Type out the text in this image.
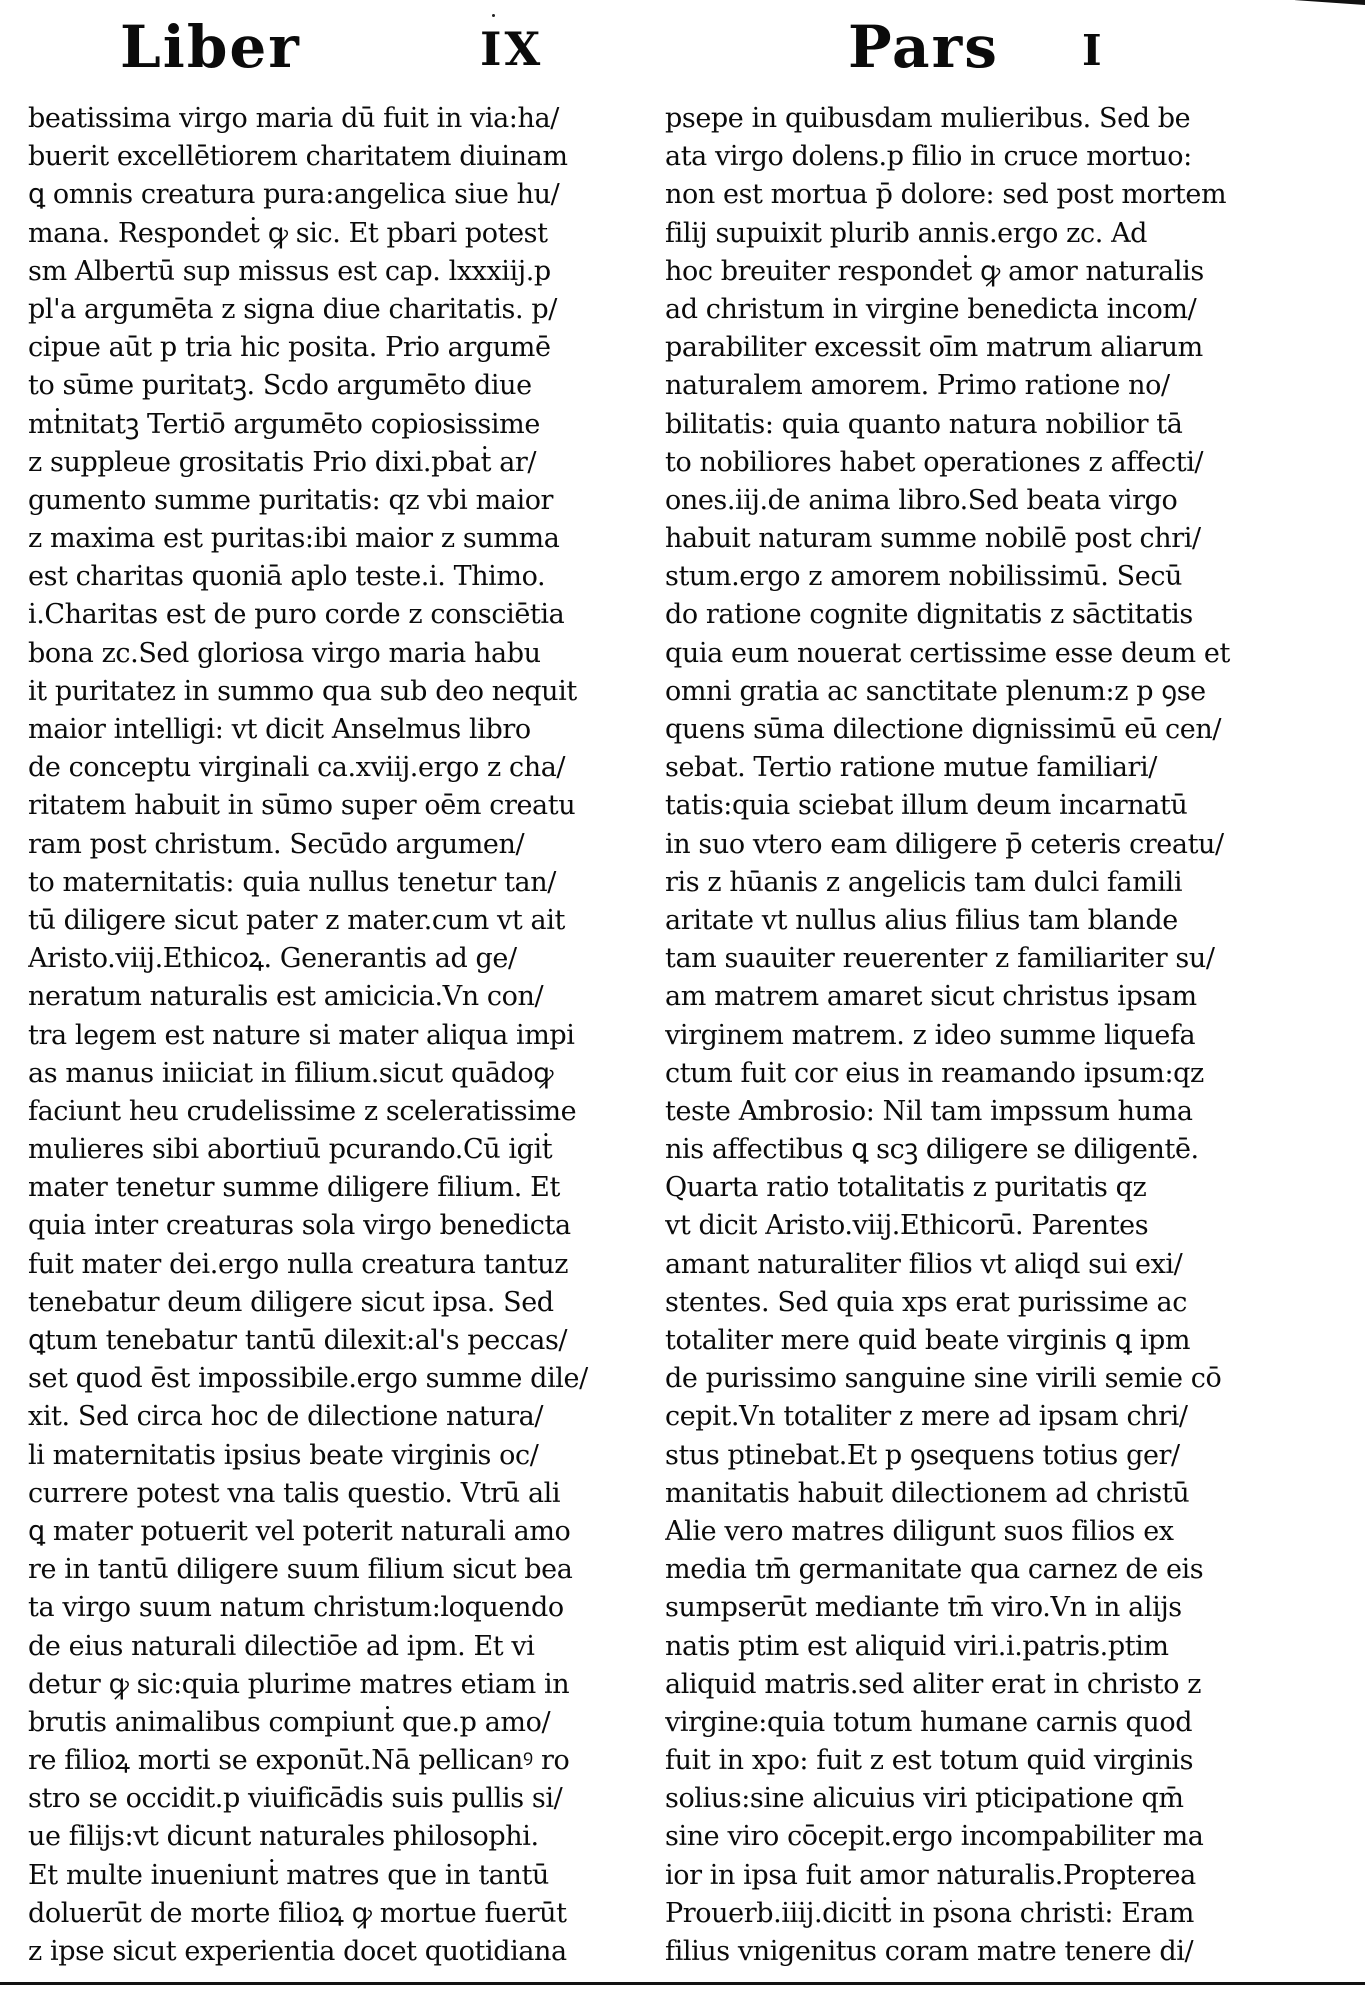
Liber	IX	Pars I
beatissima virgo maria dū fuit in via:ha/
buerit excellētiorem charitatem diuinam
ꝗ omnis creatura pura:angelica siue hu/
mana. Respondeṫ ꝙ sic. Et pbari potest
sm Albertū sup missus est cap. lxxxiij.p
pl'a argumēta z signa diue charitatis. p/
cipue aūt p tria hic posita. Prio argumē
to sūme puritatꝫ. Scdo argumēto diue
mṫnitatꝫ Tertiō argumēto copiosissime
z suppleue grositatis Prio dixi.pbaṫ ar/
gumento summe puritatis: qz vbi maior
z maxima est puritas:ibi maior z summa
est charitas quoniā aplo teste.i. Thimo.
i.Charitas est de puro corde z consciētia
bona zc.Sed gloriosa virgo maria habu
it puritatez in summo qua sub deo nequit
maior intelligi: vt dicit Anselmus libro
de conceptu virginali ca.xviij.ergo z cha/
ritatem habuit in sūmo super oēm creatu
ram post christum. Secūdo argumen/
to maternitatis: quia nullus tenetur tan/
tū diligere sicut pater z mater.cum vt ait
Aristo.viij.Ethicoꝝ. Generantis ad ge/
neratum naturalis est amicicia.Vn con/
tra legem est nature si mater aliqua impi
as manus iniiciat in filium.sicut quādoꝙ
faciunt heu crudelissime z sceleratissime
mulieres sibi abortiuū pcurando.Cū igiṫ
mater tenetur summe diligere filium. Et
quia inter creaturas sola virgo benedicta
fuit mater dei.ergo nulla creatura tantuz
tenebatur deum diligere sicut ipsa. Sed
ꝗtum tenebatur tantū dilexit:al's peccas/
set quod ēst impossibile.ergo summe dile/
xit. Sed circa hoc de dilectione natura/
li maternitatis ipsius beate virginis oc/
currere potest vna talis questio. Vtrū ali
ꝗ mater potuerit vel poterit naturali amo
re in tantū diligere suum filium sicut bea
ta virgo suum natum christum:loquendo
de eius naturali dilectiōe ad ipm. Et vi
detur ꝙ sic:quia plurime matres etiam in
brutis animalibus compiunṫ que.p amo/
re filioꝝ morti se exponūt.Nā pellicanꝰ ro
stro se occidit.p viuificādis suis pullis si/
ue filijs:vt dicunt naturales philosophi.
Et multe inueniunṫ matres que in tantū
doluerūt de morte filioꝝ ꝙ mortue fuerūt
z ipse sicut experientia docet quotidiana
psepe in quibusdam mulieribus. Sed be
ata virgo dolens.p filio in cruce mortuo:
non est mortua p̄ dolore: sed post mortem
filij supuixit plurib annis.ergo zc. Ad
hoc breuiter respondeṫ ꝙ amor naturalis
ad christum in virgine benedicta incom/
parabiliter excessit oīm matrum aliarum
naturalem amorem. Primo ratione no/
bilitatis: quia quanto natura nobilior tā
to nobiliores habet operationes z affecti/
ones.iij.de anima libro.Sed beata virgo
habuit naturam summe nobilē post chri/
stum.ergo z amorem nobilissimū. Secū
do ratione cognite dignitatis z sāctitatis
quia eum nouerat certissime esse deum et
omni gratia ac sanctitate plenum:z p ꝯse
quens sūma dilectione dignissimū eū cen/
sebat. Tertio ratione mutue familiari/
tatis:quia sciebat illum deum incarnatū
in suo vtero eam diligere p̄ ceteris creatu/
ris z hūanis z angelicis tam dulci famili
aritate vt nullus alius filius tam blande
tam suauiter reuerenter z familiariter su/
am matrem amaret sicut christus ipsam
virginem matrem. z ideo summe liquefa
ctum fuit cor eius in reamando ipsum:qz
teste Ambrosio: Nil tam impssum huma
nis affectibus ꝗ scꝫ diligere se diligentē.
Quarta ratio totalitatis z puritatis qz
vt dicit Aristo.viij.Ethicorū. Parentes
amant naturaliter filios vt aliqd sui exi/
stentes. Sed quia xps erat purissime ac
totaliter mere quid beate virginis ꝗ ipm
de purissimo sanguine sine virili semie cō
cepit.Vn totaliter z mere ad ipsam chri/
stus ptinebat.Et p ꝯsequens totius ger/
manitatis habuit dilectionem ad christū
Alie vero matres diligunt suos filios ex
media tm̄ germanitate qua carnez de eis
sumpserūt mediante tm̄ viro.Vn in alijs
natis ptim est aliquid viri.i.patris.ptim
aliquid matris.sed aliter erat in christo z
virgine:quia totum humane carnis quod
fuit in xpo: fuit z est totum quid virginis
solius:sine alicuius viri pticipatione qm̄
sine viro cōcepit.ergo incompabiliter ma
ior in ipsa fuit amor naturalis.Propterea
Prouerb.iiij.dicitṫ in psona christi: Eram
filius vnigenitus coram matre tenere di/
